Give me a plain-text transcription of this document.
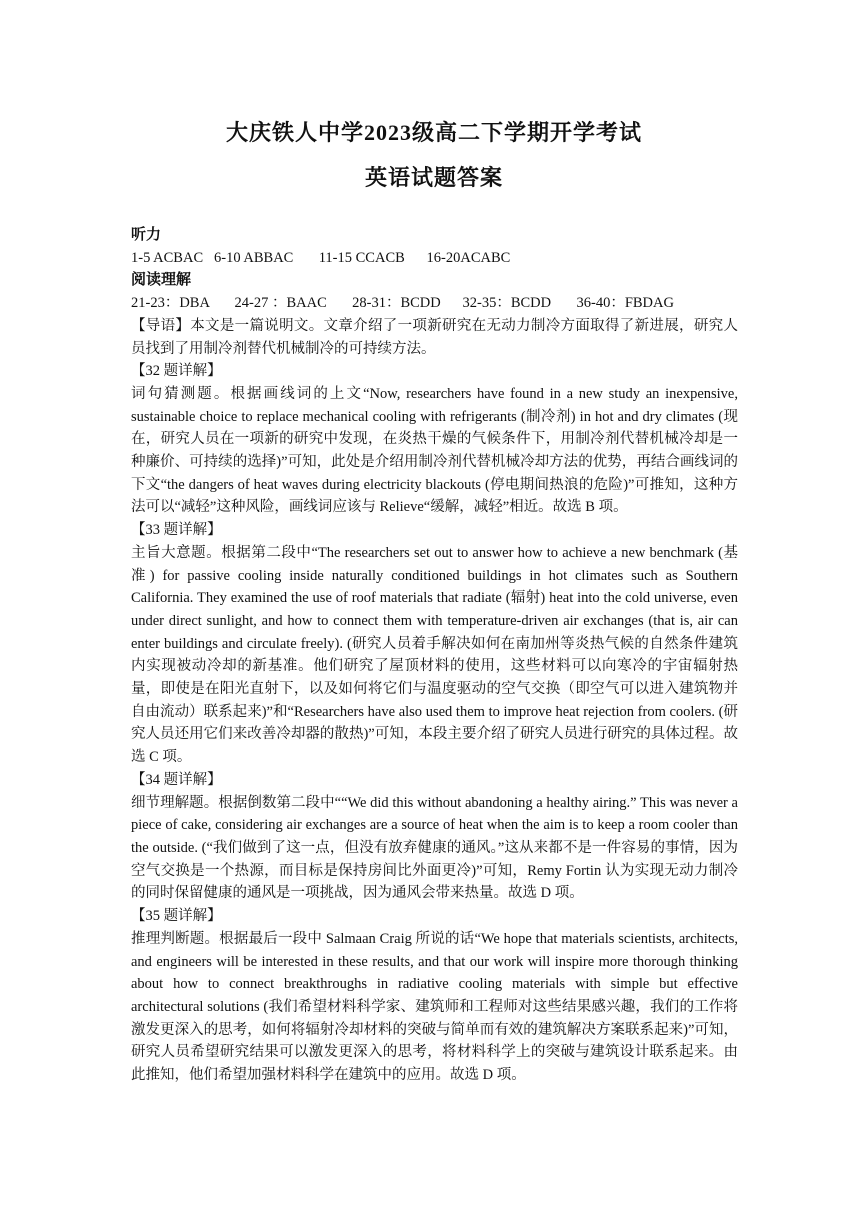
大庆铁人中学2023级高二下学期开学考试
英语试题答案

听力

1-5 ACBAC   6-10 ABBAC       11-15 CCACB      16-20ACABC

阅读理解

21-23：DBA       24-27 ：BAAC       28-31：BCDD      32-35：BCDD       36-40：FBDAG

【导语】本文是一篇说明文。文章介绍了一项新研究在无动力制冷方面取得了新进展，研究人员找到了用制冷剂替代机械制冷的可持续方法。

【32 题详解】

词句猜测题。根据画线词的上文“Now, researchers have found in a new study an inexpensive, sustainable choice to replace mechanical cooling with refrigerants (制冷剂) in hot and dry climates (现在，研究人员在一项新的研究中发现，在炎热干燥的气候条件下，用制冷剂代替机械冷却是一种廉价、可持续的选择)”可知，此处是介绍用制冷剂代替机械冷却方法的优势，再结合画线词的下文“the dangers of heat waves during electricity blackouts (停电期间热浪的危险)”可推知，这种方法可以“减轻”这种风险，画线词应该与 Relieve“缓解，减轻”相近。故选 B 项。

【33 题详解】

主旨大意题。根据第二段中“The researchers set out to answer how to achieve a new benchmark (基准) for passive cooling inside naturally conditioned buildings in hot climates such as Southern California. They examined the use of roof materials that radiate (辐射) heat into the cold universe, even under direct sunlight, and how to connect them with temperature-driven air exchanges (that is, air can enter buildings and circulate freely). (研究人员着手解决如何在南加州等炎热气候的自然条件建筑内实现被动冷却的新基准。他们研究了屋顶材料的使用，这些材料可以向寒冷的宇宙辐射热量，即使是在阳光直射下，以及如何将它们与温度驱动的空气交换（即空气可以进入建筑物并自由流动）联系起来)”和“Researchers have also used them to improve heat rejection from coolers. (研究人员还用它们来改善冷却器的散热)”可知，本段主要介绍了研究人员进行研究的具体过程。故选 C 项。

【34 题详解】

细节理解题。根据倒数第二段中““We did this without abandoning a healthy airing.” This was never a piece of cake, considering air exchanges are a source of heat when the aim is to keep a room cooler than the outside. (“我们做到了这一点，但没有放弃健康的通风。”这从来都不是一件容易的事情，因为空气交换是一个热源，而目标是保持房间比外面更冷)”可知，Remy Fortin 认为实现无动力制冷的同时保留健康的通风是一项挑战，因为通风会带来热量。故选 D 项。

【35 题详解】

推理判断题。根据最后一段中 Salmaan Craig 所说的话“We hope that materials scientists, architects, and engineers will be interested in these results, and that our work will inspire more thorough thinking about how to connect breakthroughs in radiative cooling materials with simple but effective architectural solutions (我们希望材料科学家、建筑师和工程师对这些结果感兴趣，我们的工作将激发更深入的思考，如何将辐射冷却材料的突破与简单而有效的建筑解决方案联系起来)”可知，研究人员希望研究结果可以激发更深入的思考，将材料科学上的突破与建筑设计联系起来。由此推知，他们希望加强材料科学在建筑中的应用。故选 D 项。
